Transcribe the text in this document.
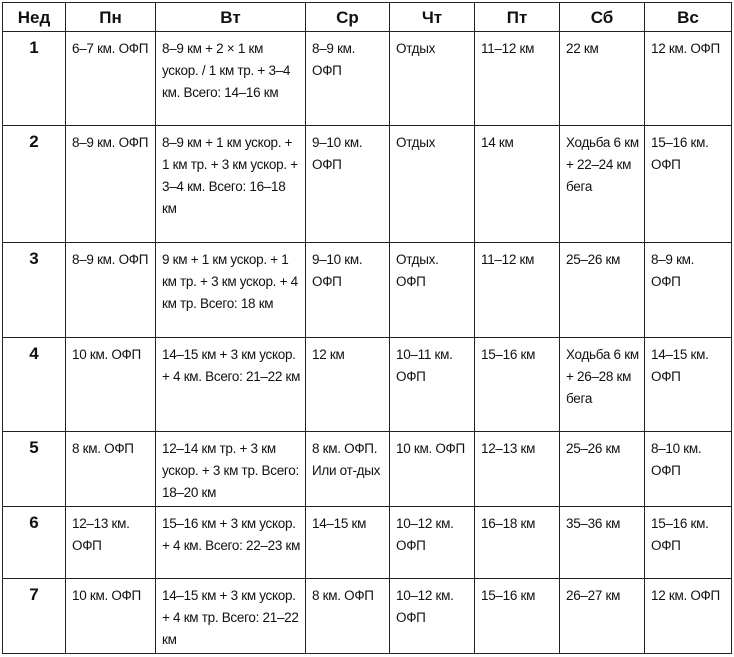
Нед	Пн	Вт	Ср	Чт	Пт	Сб	Вс
1	6–7 км. ОФП	8–9 км + 2 × 1 км ускор. / 1 км тр. + 3–4 км. Всего: 14–16 км	8–9 км. ОФП	Отдых	11–12 км	22 км	12 км. ОФП
2	8–9 км. ОФП	8–9 км + 1 км ускор. + 1 км тр. + 3 км ускор. + 3–4 км. Всего: 16–18 км	9–10 км. ОФП	Отдых	14 км	Ходьба 6 км + 22–24 км бега	15–16 км. ОФП
3	8–9 км. ОФП	9 км + 1 км ускор. + 1 км тр. + 3 км ускор. + 4 км тр. Всего: 18 км	9–10 км. ОФП	Отдых. ОФП	11–12 км	25–26 км	8–9 км. ОФП
4	10 км. ОФП	14–15 км + 3 км ускор. + 4 км. Всего: 21–22 км	12 км	10–11 км. ОФП	15–16 км	Ходьба 6 км + 26–28 км бега	14–15 км. ОФП
5	8 км. ОФП	12–14 км тр. + 3 км ускор. + 3 км тр. Всего: 18–20 км	8 км. ОФП. Или от-дых	10 км. ОФП	12–13 км	25–26 км	8–10 км. ОФП
6	12–13 км. ОФП	15–16 км + 3 км ускор. + 4 км. Всего: 22–23 км	14–15 км	10–12 км. ОФП	16–18 км	35–36 км	15–16 км. ОФП
7	10 км. ОФП	14–15 км + 3 км ускор. + 4 км тр. Всего: 21–22 км	8 км. ОФП	10–12 км. ОФП	15–16 км	26–27 км	12 км. ОФП
